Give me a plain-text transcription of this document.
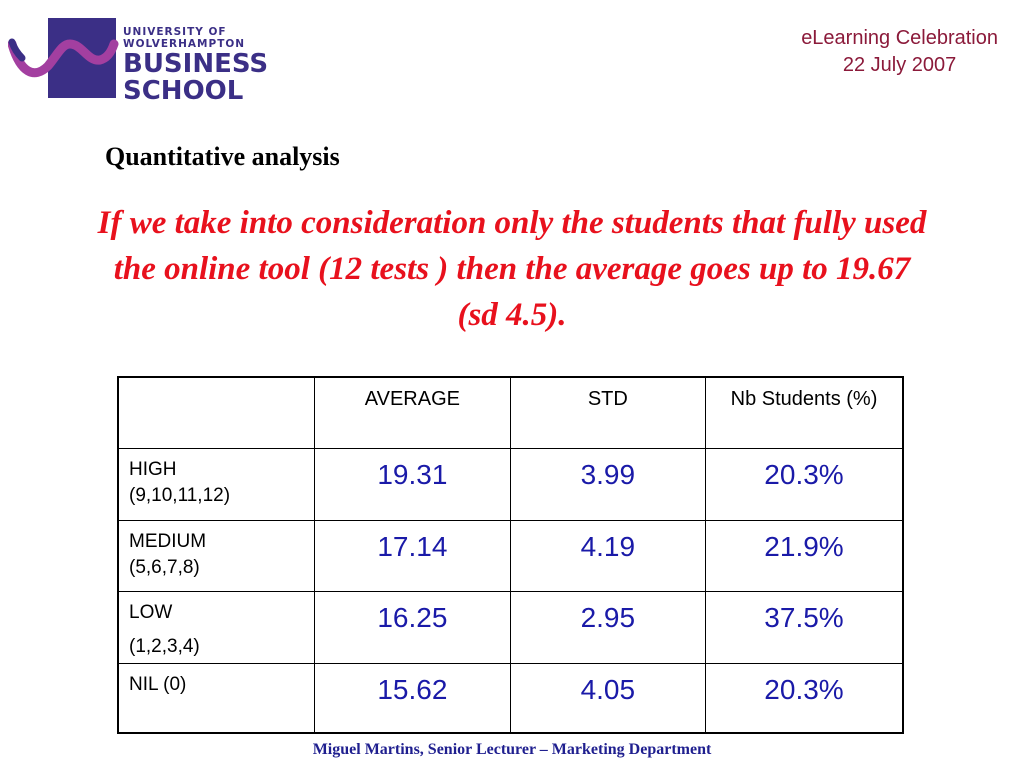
UNIVERSITY OF
WOLVERHAMPTON
BUSINESS
SCHOOL
eLearning Celebration
22 July 2007
Quantitative analysis

If we take into consideration only the students that fully used the online tool (12 tests ) then the average goes up to 19.67 (sd 4.5).

	AVERAGE	STD	Nb Students (%)

HIGH
(9,10,11,12)	19.31	3.99	20.3%

MEDIUM
(5,6,7,8)	17.14	4.19	21.9%

LOW
(1,2,3,4)	16.25	2.95	37.5%

NIL (0)	15.62	4.05	20.3%
Miguel Martins, Senior Lecturer – Marketing Department
